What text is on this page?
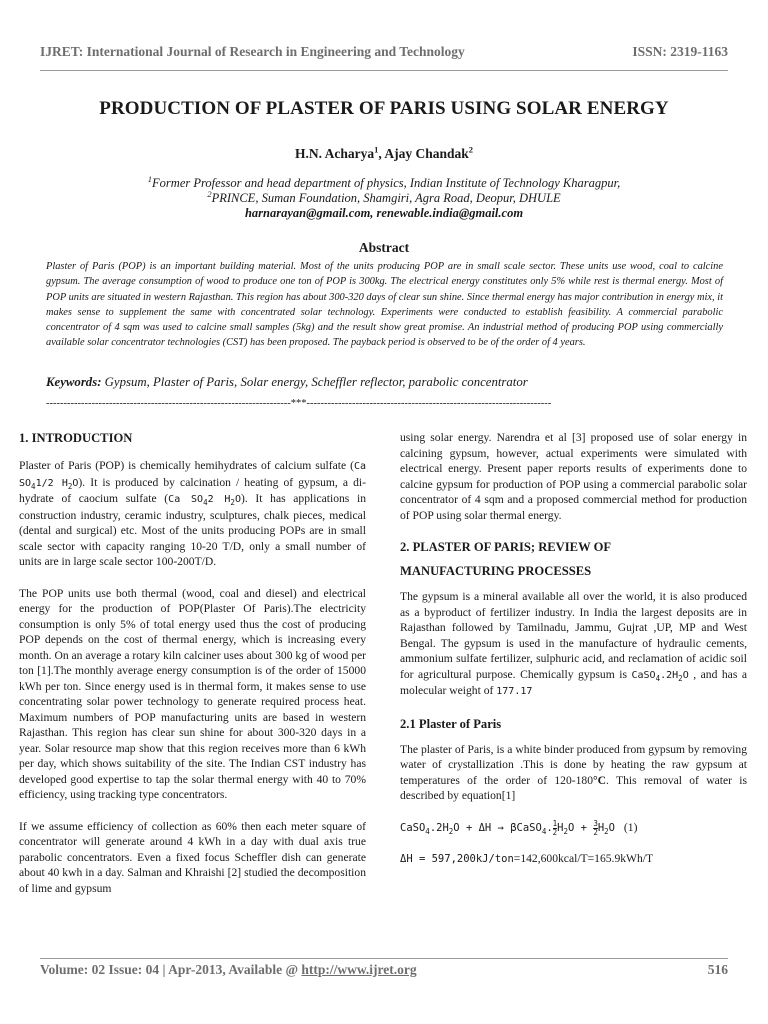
IJRET: International Journal of Research in Engineering and Technology	ISSN: 2319-1163
PRODUCTION OF PLASTER OF PARIS USING SOLAR ENERGY
H.N. Acharya$^1$, Ajay Chandak$^2$
$^1$Former Professor and head department of physics, Indian Institute of Technology Kharagpur,
$^2$PRINCE, Suman Foundation, Shamgiri, Agra Road, Deopur, DHULE
harnarayan@gmail.com, renewable.india@gmail.com
Abstract
Plaster of Paris (POP) is an important building material. Most of the units producing POP are in small scale sector. These units use wood, coal to calcine gypsum. The average consumption of wood to produce one ton of POP is 300kg. The electrical energy constitutes only 5% while rest is thermal energy. Most of POP units are situated in western Rajasthan. This region has about 300-320 days of clear sun shine. Since thermal energy has major contribution in energy mix, it makes sense to supplement the same with concentrated solar technology. Experiments were conducted to establish feasibility. A commercial parabolic concentrator of 4 sqm was used to calcine small samples (5kg) and the result show great promise. An industrial method of producing POP using commercially available solar concentrator technologies (CST) has been proposed. The payback period is observed to be of the order of 4 years.
Keywords: Gypsum, Plaster of Paris, Solar energy, Scheffler reflector, parabolic concentrator
----------------------------------------------------------------------***----------------------------------------------------------------------
1. INTRODUCTION

Plaster of Paris (POP) is chemically hemihydrates of calcium sulfate (Ca $SO_41/2$ $H_2O$). It is produced by calcination / heating of gypsum, a di-hydrate of caocium sulfate (Ca $SO_42$ $H_2O$). It has applications in construction industry, ceramic industry, sculptures, chalk pieces, medical (dental and surgical) etc. Most of the units producing POPs are in small scale sector with capacity ranging 10-20 T/D, only a small number of units are in large scale sector 100-200T/D.

The POP units use both thermal (wood, coal and diesel) and electrical energy for the production of POP(Plaster Of Paris).The electricity consumption is only 5% of total energy used thus the cost of producing POP depends on the cost of thermal energy, which is increasing every month. On an average a rotary kiln calciner uses about 300 kg of wood per ton [1].The monthly average energy consumption is of the order of 15000 kWh per ton. Since energy used is in thermal form, it makes sense to use concentrating solar power technology to generate required process heat. Maximum numbers of POP manufacturing units are based in western Rajasthan. This region has clear sun shine for about 300-320 days in a year. Solar resource map show that this region receives more than 6 kWh per day, which shows suitability of the site. The Indian CST industry has developed good expertise to tap the solar thermal energy with 40 to 70% efficiency, using tracking type concentrators.

If we assume efficiency of collection as 60% then each meter square of concentrator will generate around 4 kWh in a day with dual axis true parabolic concentrators. Even a fixed focus Scheffler dish can generate about 40 kwh in a day. Salman and Khraishi [2] studied the decomposition of lime and gypsum

using solar energy. Narendra et al [3] proposed use of solar energy in calcining gypsum, however, actual experiments were simulated with electrical energy. Present paper reports results of experiments done to calcine gypsum for production of POP using a commercial parabolic solar concentrator of 4 sqm and a proposed commercial method for production of POP using solar thermal energy.

2. PLASTER OF PARIS; REVIEW OF
MANUFACTURING PROCESSES

The gypsum is a mineral available all over the world, it is also produced as a byproduct of fertilizer industry. In India the largest deposits are in Rajasthan followed by Tamilnadu, Jammu, Gujrat ,UP, MP and West Bengal. The gypsum is used in the manufacture of hydraulic cements, ammonium sulfate fertilizer, sulphuric acid, and reclamation of acidic soil for agricultural purpose. Chemically gypsum is $CaSO_4.2H_2O$ , and has a molecular weight of 177.17

2.1 Plaster of Paris

The plaster of Paris, is a white binder produced from gypsum by removing water of crystallization .This is done by heating the raw gypsum at temperatures of the order of 120-180°C. This removal of water is described by equation[1]

$CaSO_4.2H_2O + \Delta H$ → βCaSO$_4$. $\frac{1}{2} H_2O + \frac{3}{2} H_2O$ (1)
ΔH = 597,200kJ/ton=142,600kcal/T=165.9kWh/T
Volume: 02 Issue: 04 | Apr-2013, Available @ http://www.ijret.org	516
